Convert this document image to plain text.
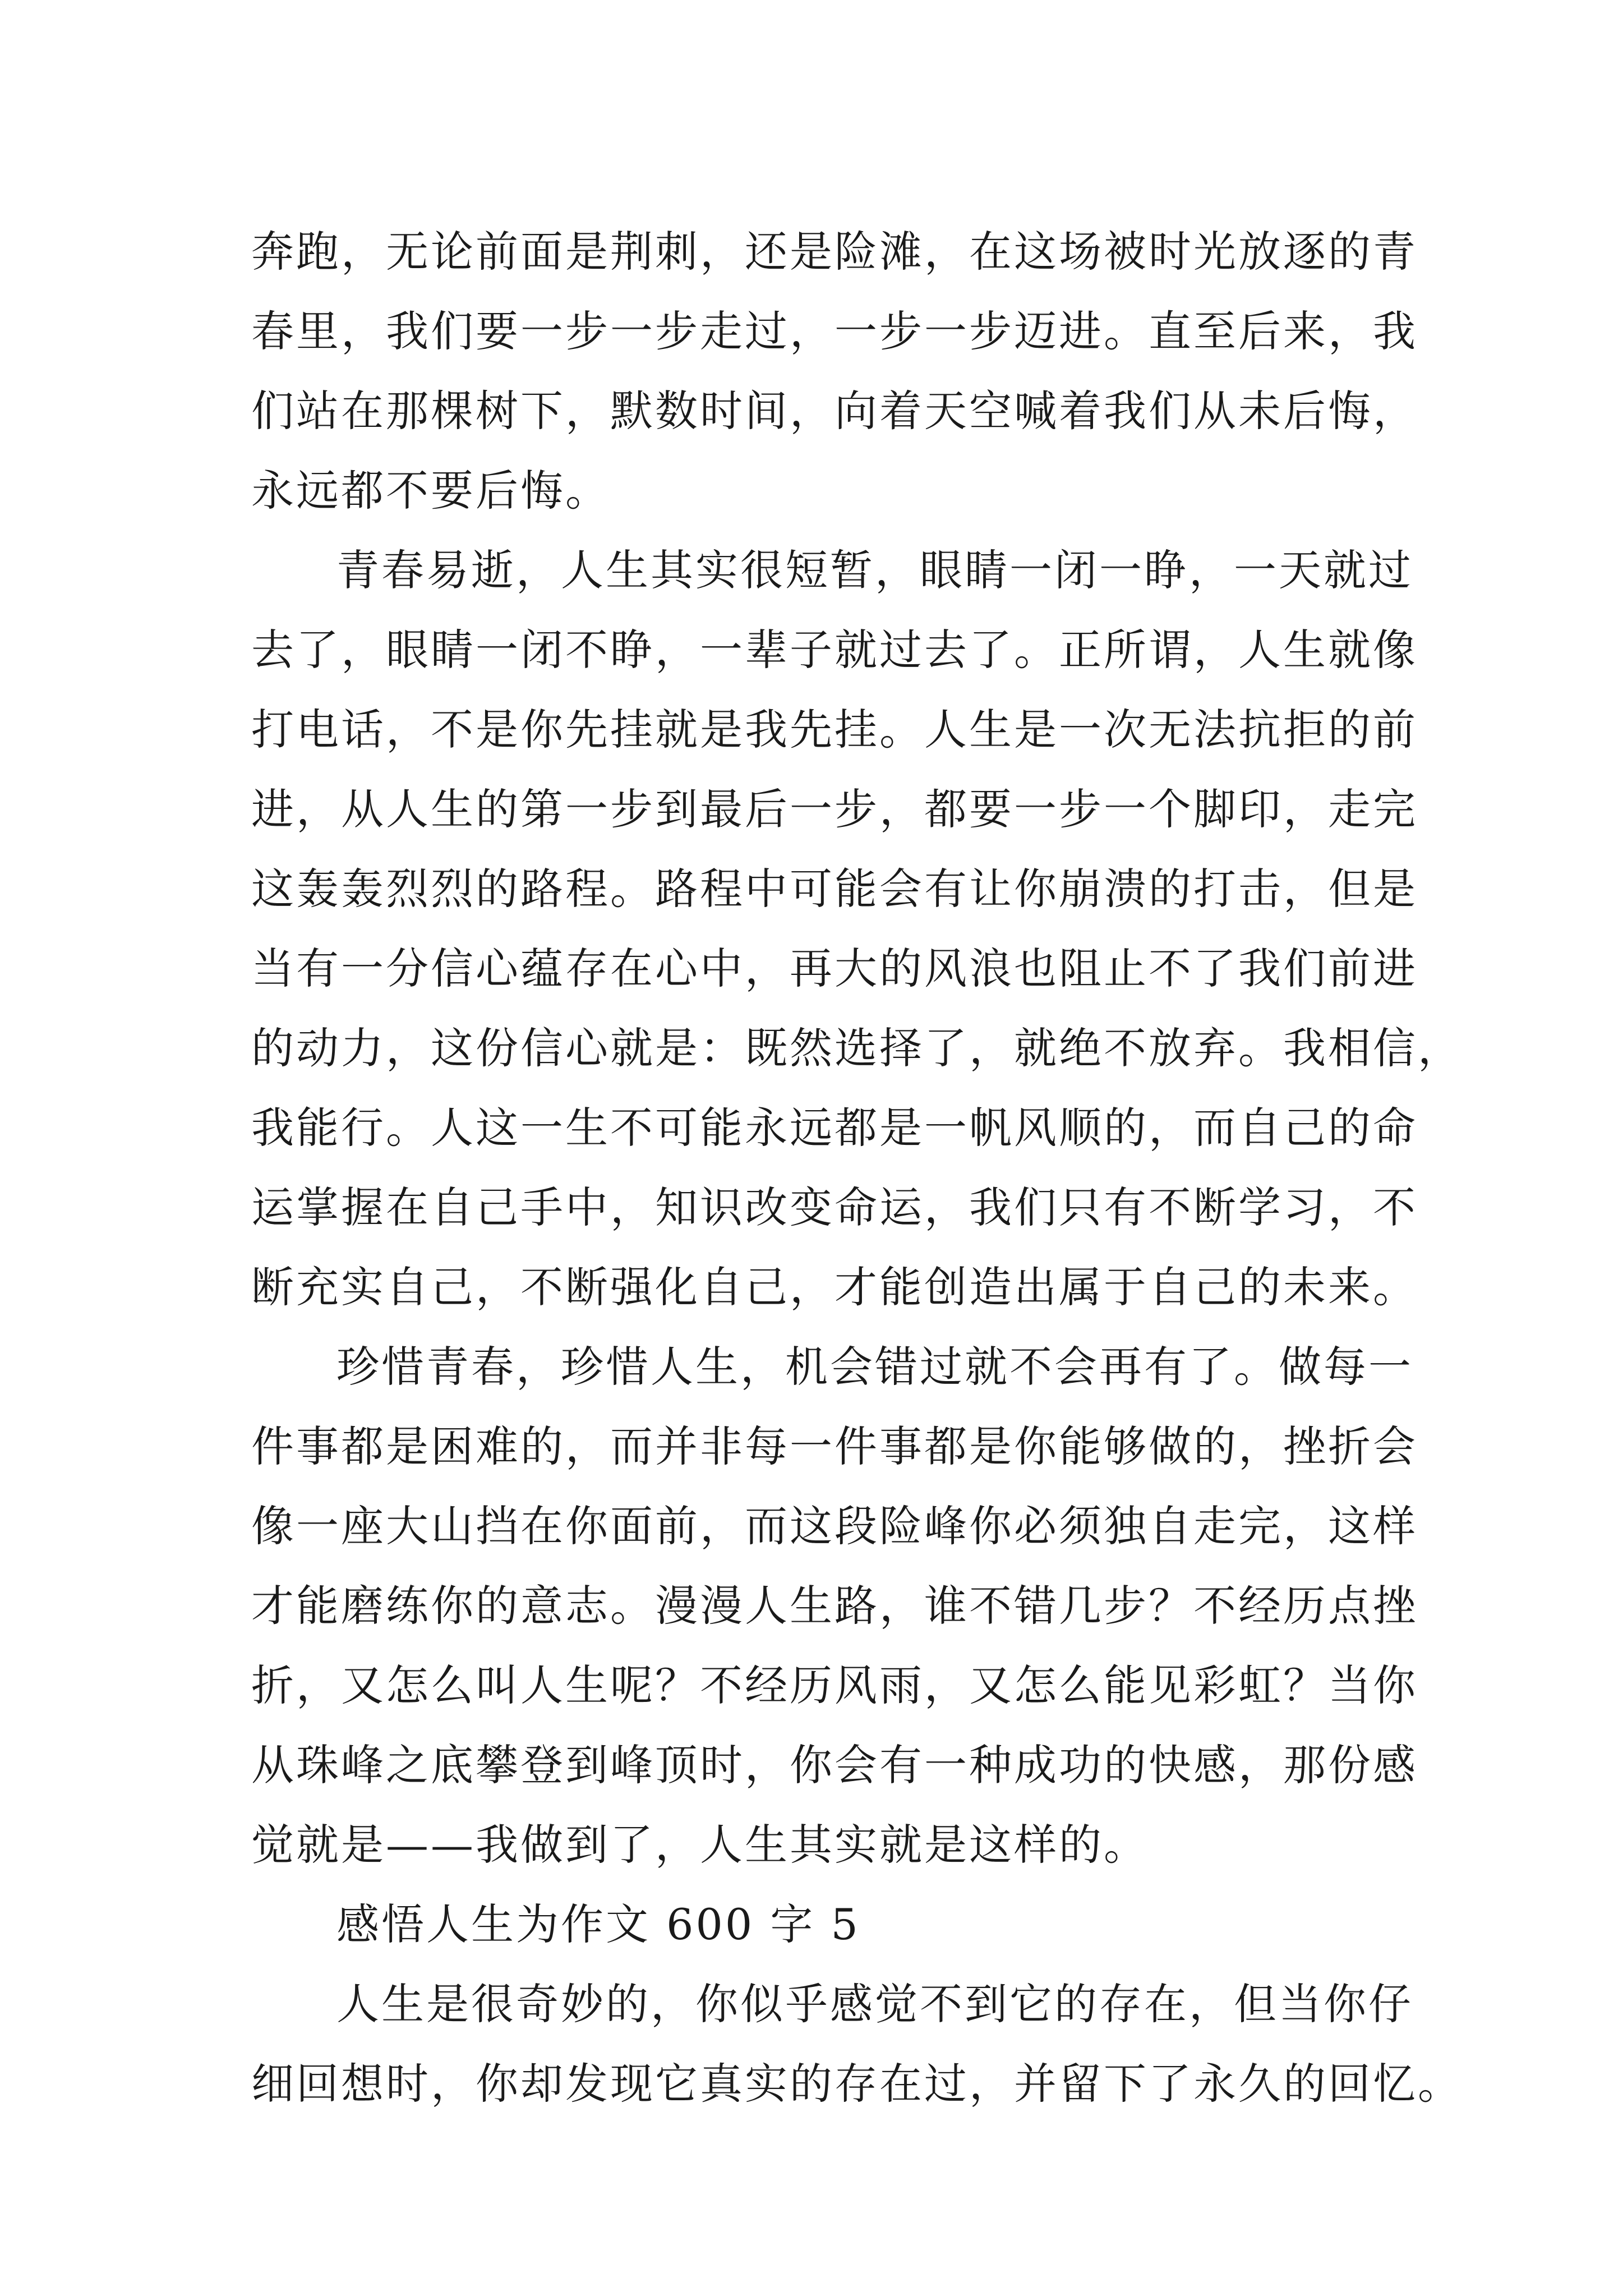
奔跑，无论前面是荆刺，还是险滩，在这场被时光放逐的青
春里，我们要一步一步走过，一步一步迈进。直至后来，我
们站在那棵树下，默数时间，向着天空喊着我们从未后悔，
永远都不要后悔。
青春易逝，人生其实很短暂，眼睛一闭一睁，一天就过
去了，眼睛一闭不睁，一辈子就过去了。正所谓，人生就像
打电话，不是你先挂就是我先挂。人生是一次无法抗拒的前
进，从人生的第一步到最后一步，都要一步一个脚印，走完
这轰轰烈烈的路程。路程中可能会有让你崩溃的打击，但是
当有一分信心蕴存在心中，再大的风浪也阻止不了我们前进
的动力，这份信心就是：既然选择了，就绝不放弃。我相信，
我能行。人这一生不可能永远都是一帆风顺的，而自己的命
运掌握在自己手中，知识改变命运，我们只有不断学习，不
断充实自己，不断强化自己，才能创造出属于自己的未来。
珍惜青春，珍惜人生，机会错过就不会再有了。做每一
件事都是困难的，而并非每一件事都是你能够做的，挫折会
像一座大山挡在你面前，而这段险峰你必须独自走完，这样
才能磨练你的意志。漫漫人生路，谁不错几步？不经历点挫
折，又怎么叫人生呢？不经历风雨，又怎么能见彩虹？当你
从珠峰之底攀登到峰顶时，你会有一种成功的快感，那份感
觉就是——我做到了，人生其实就是这样的。
感悟人生为作文 600 字 5
人生是很奇妙的，你似乎感觉不到它的存在，但当你仔
细回想时，你却发现它真实的存在过，并留下了永久的回忆。
